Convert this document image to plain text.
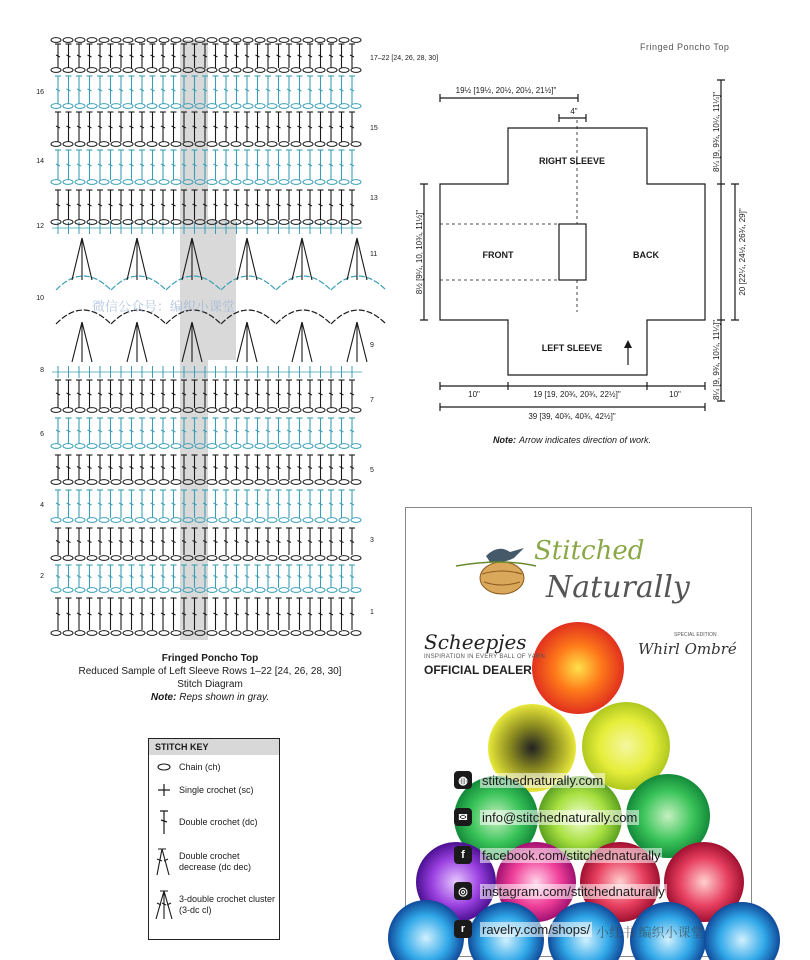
16
14
12
10
8
6
4
2
17–22 [24, 26, 28, 30]
15
13
11
9
7
5
3
1
Fringed Poncho Top
Reduced Sample of Left Sleeve Rows 1–22 [24, 26, 28, 30]
Stitch Diagram
Note: Reps shown in gray.
Fringed Poncho Top
RIGHT SLEEVE
LEFT SLEEVE
FRONT	BACK
19½ [19½, 20½, 20½, 21½]"
4"
8½ [9¼, 10, 10¾, 11½]"
8¼ [9, 9¾, 10¼, 11¼]"
20 [22¼, 24½, 26¾, 29]"
8¼ [9, 9¾, 10¼, 11¼]"
10"	19 [19, 20¾, 20¾, 22½]"	10"
39 [39, 40¾, 40¾, 42½]"
Note: Arrow indicates direction of work.
STITCH KEY
Chain (ch)
Single crochet (sc)
Double crochet (dc)
Double crochet decrease (dc dec)
3-double crochet cluster (3-dc cl)
Stitched
Naturally
Scheepjes
INSPIRATION IN EVERY BALL OF YARN
OFFICIAL DEALER
SPECIAL EDITION
Whirl Ombré
◍	stitchednaturally.com
✉	info@stitchednaturally.com
f	facebook.com/stitchednaturally
◎	instagram.com/stitchednaturally
r	ravelry.com/shops/ 小红书 编织小课堂
微信公众号：编织小课堂
